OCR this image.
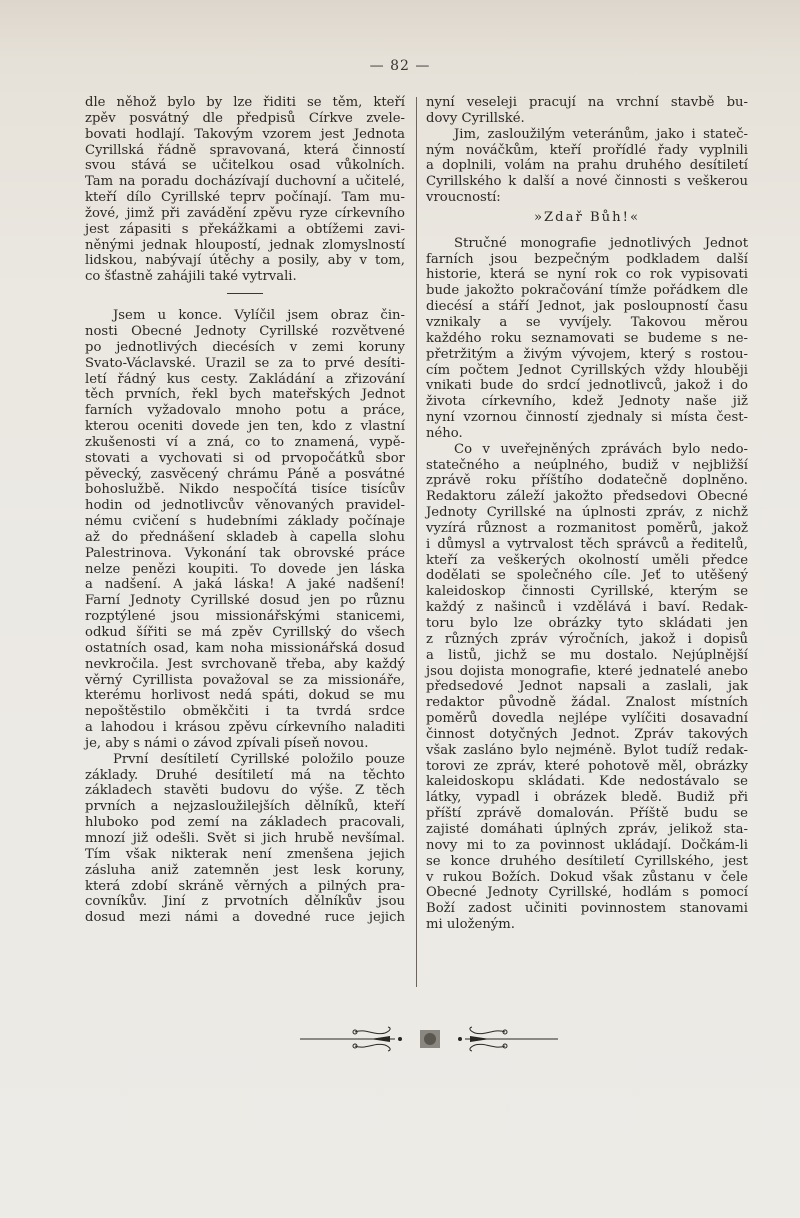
— 82 —
dle něhož bylo by lze řiditi se těm, kteří
zpěv posvátný dle předpisů Církve zvele-
bovati hodlají. Takovým vzorem jest Jednota
Cyrillská řádně spravovaná, která činností
svou stává se učitelkou osad vůkolních.
Tam na poradu docházívají duchovní a učitelé,
kteří dílo Cyrillské teprv počínají. Tam mu-
žové, jimž při zavádění zpěvu ryze církevního
jest zápasiti s překážkami a obtížemi zavi-
něnými jednak hloupostí, jednak zlomyslností
lidskou, nabývají útěchy a posily, aby v tom,
co šťastně zahájili také vytrvali.
Jsem u konce. Vylíčil jsem obraz čin-
nosti Obecné Jednoty Cyrillské rozvětvené
po jednotlivých diecésích v zemi koruny
Svato-Václavské. Urazil se za to prvé desíti-
letí řádný kus cesty. Zakládání a zřizování
těch prvních, řekl bych mateřských Jednot
farních vyžadovalo mnoho potu a práce,
kterou oceniti dovede jen ten, kdo z vlastní
zkušenosti ví a zná, co to znamená, vypě-
stovati a vychovati si od prvopočátků sbor
pěvecký, zasvěcený chrámu Páně a posvátné
bohoslužbě. Nikdo nespočítá tisíce tisícův
hodin od jednotlivcův věnovaných pravidel-
nému cvičení s hudebními základy počínaje
až do přednášení skladeb à capella slohu
Palestrinova. Vykonání tak obrovské práce
nelze penězi koupiti. To dovede jen láska
a nadšení. A jaká láska! A jaké nadšení!
Farní Jednoty Cyrillské dosud jen po různu
rozptýlené jsou missionářskými stanicemi,
odkud šířiti se má zpěv Cyrillský do všech
ostatních osad, kam noha missionářská dosud
nevkročila. Jest svrchovaně třeba, aby každý
věrný Cyrillista považoval se za missionáře,
kterému horlivost nedá spáti, dokud se mu
nepoštěstilo obměkčiti i ta tvrdá srdce
a lahodou i krásou zpěvu církevního naladiti
je, aby s námi o závod zpívali píseň novou.
První desítiletí Cyrillské položilo pouze
základy. Druhé desítiletí má na těchto
základech stavěti budovu do výše. Z těch
prvních a nejzasloužilejších dělníků, kteří
hluboko pod zemí na základech pracovali,
mnozí již odešli. Svět si jich hrubě nevšímal.
Tím však nikterak není zmenšena jejich
zásluha aniž zatemněn jest lesk koruny,
která zdobí skráně věrných a pilných pra-
covníkův. Jiní z prvotních dělníkův jsou
dosud mezi námi a dovedné ruce jejich
nyní veseleji pracují na vrchní stavbě bu-
dovy Cyrillské.
Jim, zasloužilým veteránům, jako i stateč-
ným nováčkům, kteří prořídlé řady vyplnili
a doplnili, volám na prahu druhého desítiletí
Cyrillského k další a nové činnosti s veškerou
vroucností:
»Zdař Bůh!«
Stručné monografie jednotlivých Jednot
farních jsou bezpečným podkladem další
historie, která se nyní rok co rok vypisovati
bude jakožto pokračování tímže pořádkem dle
diecésí a stáří Jednot, jak posloupností času
vznikaly a se vyvíjely. Takovou měrou
každého roku seznamovati se budeme s ne-
přetržitým a živým vývojem, který s rostou-
cím počtem Jednot Cyrillských vždy hlouběji
vnikati bude do srdcí jednotlivců, jakož i do
života církevního, kdež Jednoty naše již
nyní vzornou činností zjednaly si místa čest-
ného.
Co v uveřejněných zprávách bylo nedo-
statečného a neúplného, budiž v nejbližší
zprávě roku příštího dodatečně doplněno.
Redaktoru záleží jakožto předsedovi Obecné
Jednoty Cyrillské na úplnosti zpráv, z nichž
vyzírá různost a rozmanitost poměrů, jakož
i důmysl a vytrvalost těch správců a ředitelů,
kteří za veškerých okolností uměli předce
dodělati se společného cíle. Jeť to utěšený
kaleidoskop činnosti Cyrillské, kterým se
každý z našinců i vzdělává i baví. Redak-
toru bylo lze obrázky tyto skládati jen
z různých zpráv výročních, jakož i dopisů
a listů, jichž se mu dostalo. Nejúplnější
jsou dojista monografie, které jednatelé anebo
předsedové Jednot napsali a zaslali, jak
redaktor původně žádal. Znalost místních
poměrů dovedla nejlépe vylíčiti dosavadní
činnost dotyčných Jednot. Zpráv takových
však zasláno bylo nejméně. Bylot tudíž redak-
torovi ze zpráv, které pohotově měl, obrázky
kaleidoskopu skládati. Kde nedostávalo se
látky, vypadl i obrázek bledě. Budiž při
příští zprávě domalován. Příště budu se
zajisté domáhati úplných zpráv, jelikož sta-
novy mi to za povinnost ukládají. Dočkám-li
se konce druhého desítiletí Cyrillského, jest
v rukou Božích. Dokud však zůstanu v čele
Obecné Jednoty Cyrillské, hodlám s pomocí
Boží zadost učiniti povinnostem stanovami
mi uloženým.
